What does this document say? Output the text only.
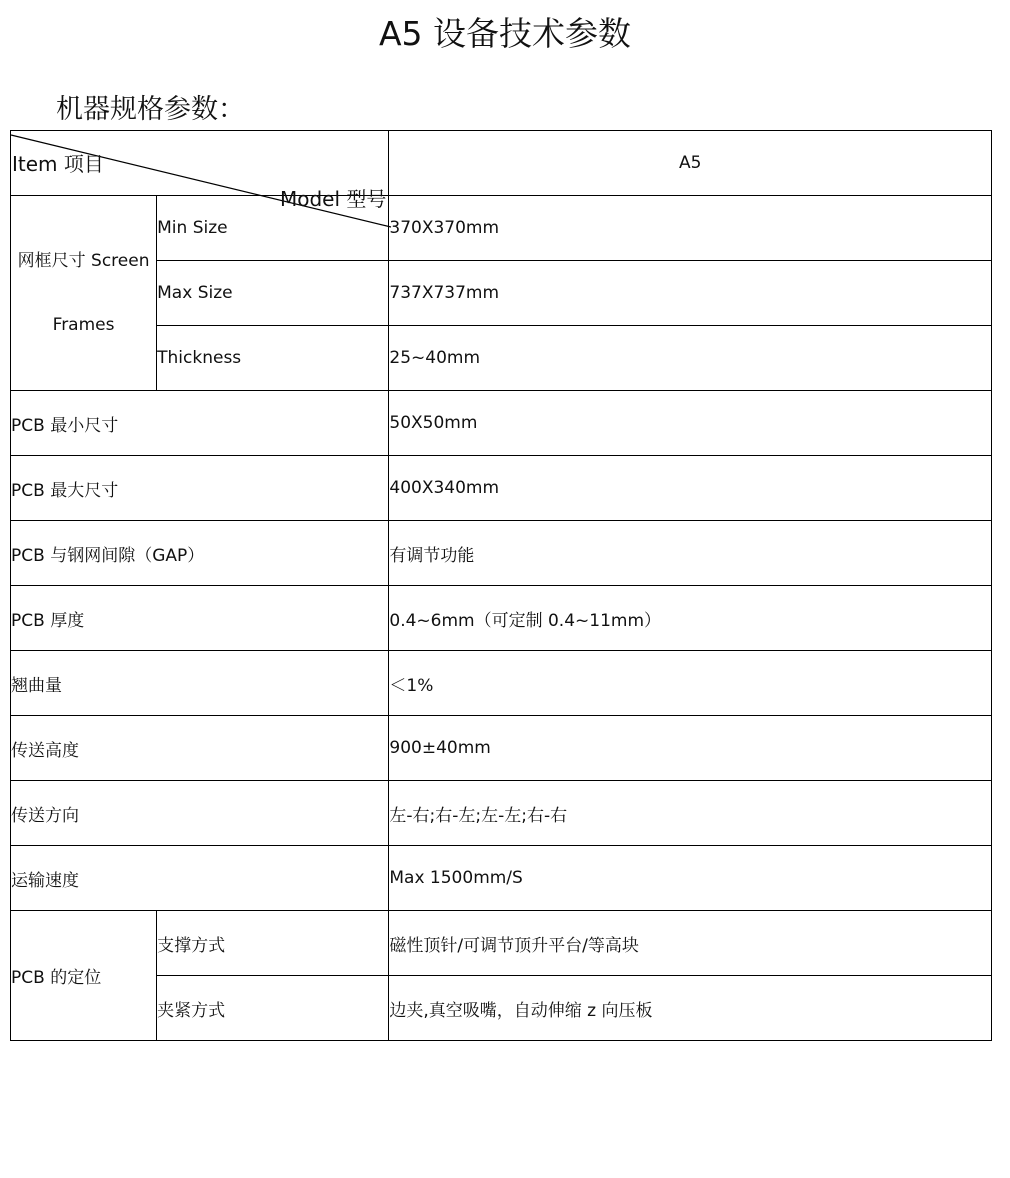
A5 设备技术参数
机器规格参数：
Model 型号
Item 项目		A5

网框尺寸 Screen
Frames	Min Size	370X370mm
	Max Size	737X737mm
	Thickness	25~40mm
PCB 最小尺寸		50X50mm
PCB 最大尺寸		400X340mm
PCB 与钢网间隙（GAP）		有调节功能
PCB 厚度		0.4~6mm（可定制 0.4~11mm）
翘曲量		＜1%
传送高度		900±40mm
传送方向		左-右;右-左;左-左;右-右
运输速度		Max 1500mm/S
PCB 的定位	支撑方式	磁性顶针/可调节顶升平台/等高块
	夹紧方式	边夹,真空吸嘴，自动伸缩 z 向压板
